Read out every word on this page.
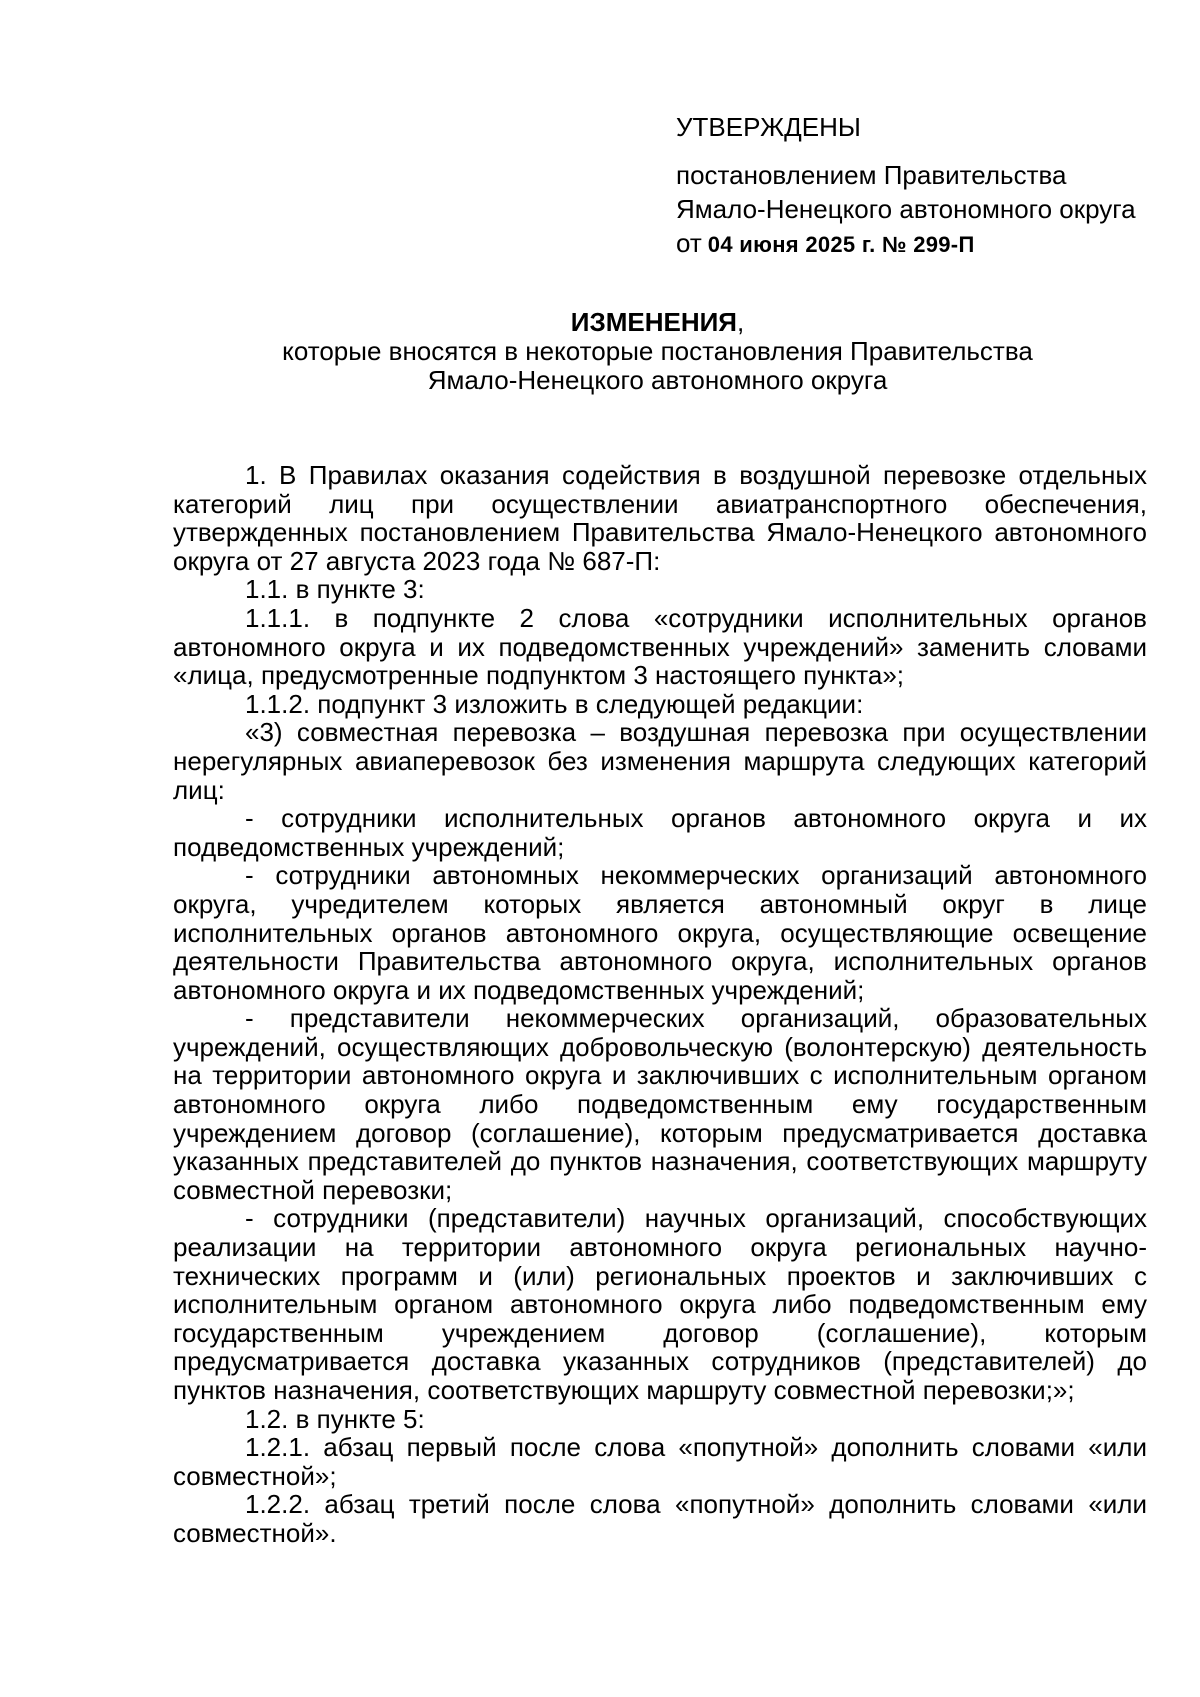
УТВЕРЖДЕНЫ
постановлением Правительства
Ямало-Ненецкого автономного округа
от 04 июня 2025 г. № 299-П
ИЗМЕНЕНИЯ,
которые вносятся в некоторые постановления Правительства
Ямало-Ненецкого автономного округа

1. В Правилах оказания содействия в воздушной перевозке отдельных категорий лиц при осуществлении авиатранспортного обеспечения, утвержденных постановлением Правительства Ямало-Ненецкого автономного округа от 27 августа 2023 года № 687-П:

1.1. в пункте 3:

1.1.1. в подпункте 2 слова «сотрудники исполнительных органов автономного округа и их подведомственных учреждений» заменить словами «лица, предусмотренные подпунктом 3 настоящего пункта»;

1.1.2. подпункт 3 изложить в следующей редакции:

«3) совместная перевозка – воздушная перевозка при осуществлении нерегулярных авиаперевозок без изменения маршрута следующих категорий лиц:

- сотрудники исполнительных органов автономного округа и их подведомственных учреждений;

- сотрудники автономных некоммерческих организаций автономного округа, учредителем которых является автономный округ в лице исполнительных органов автономного округа, осуществляющие освещение деятельности Правительства автономного округа, исполнительных органов автономного округа и их подведомственных учреждений;

- представители некоммерческих организаций, образовательных учреждений, осуществляющих добровольческую (волонтерскую) деятельность на территории автономного округа и заключивших с исполнительным органом автономного округа либо подведомственным ему государственным учреждением договор (соглашение), которым предусматривается доставка указанных представителей до пунктов назначения, соответствующих маршруту совместной перевозки;

- сотрудники (представители) научных организаций, способствующих реализации на территории автономного округа региональных научно-технических программ и (или) региональных проектов и заключивших с исполнительным органом автономного округа либо подведомственным ему государственным учреждением договор (соглашение), которым предусматривается доставка указанных сотрудников (представителей) до пунктов назначения, соответствующих маршруту совместной перевозки;»;

1.2. в пункте 5:

1.2.1. абзац первый после слова «попутной» дополнить словами «или совместной»;

1.2.2. абзац третий после слова «попутной» дополнить словами «или совместной».
